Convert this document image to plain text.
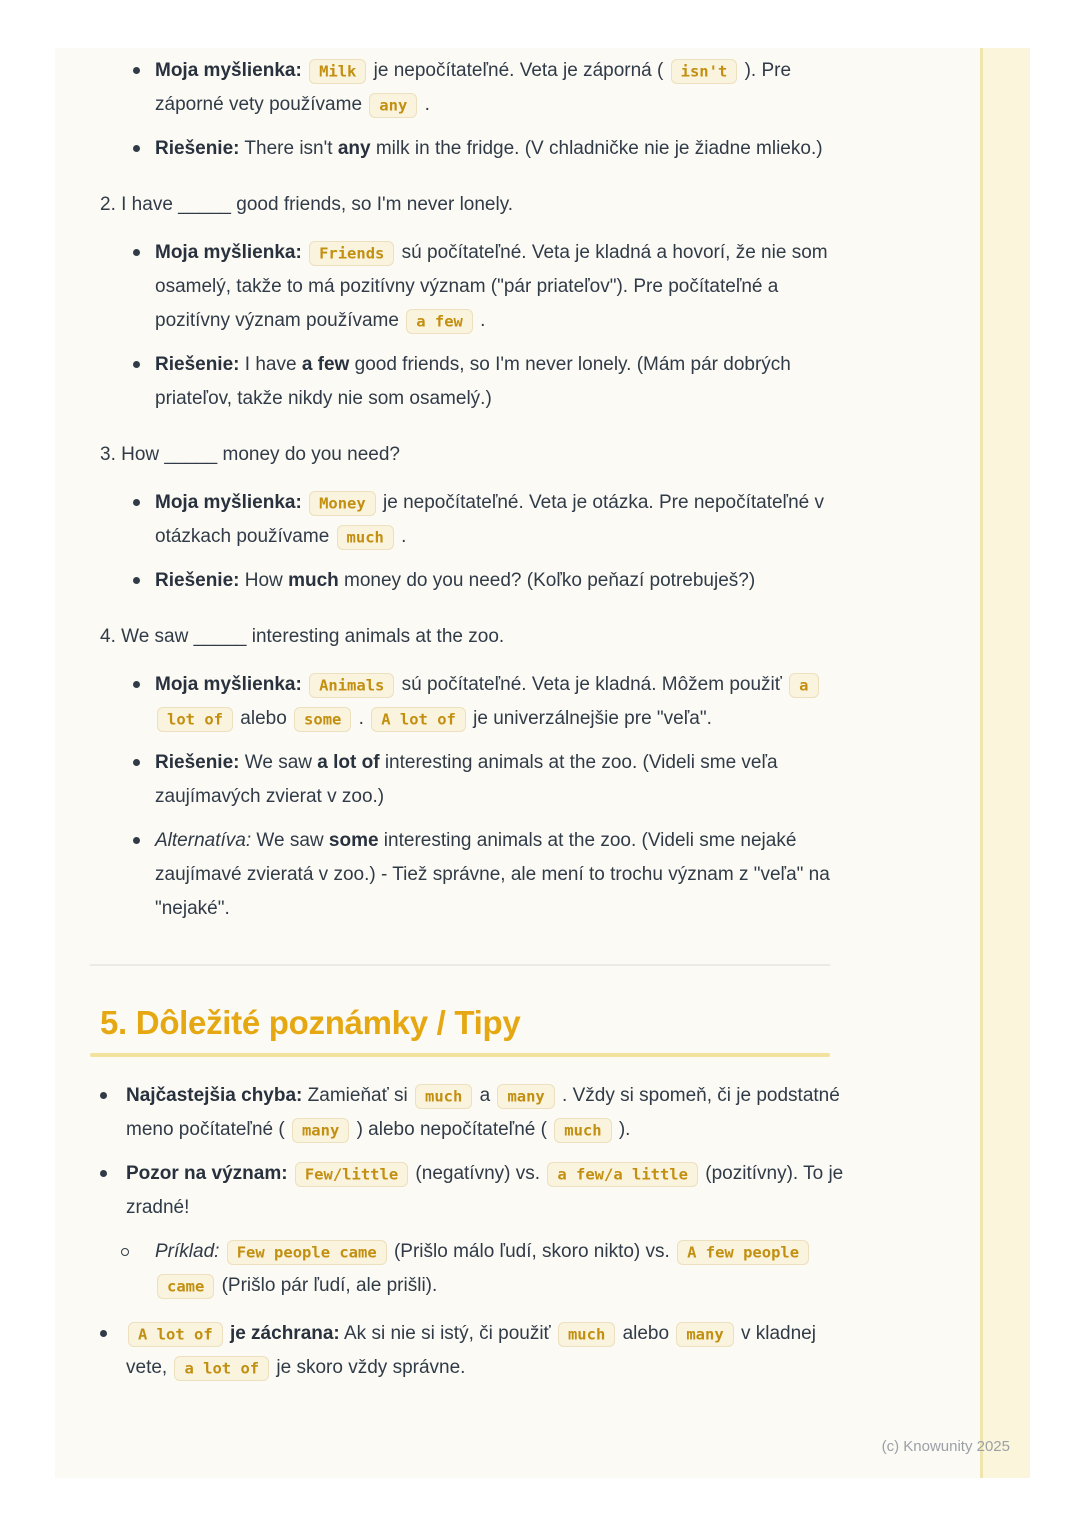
Moja myšlienka: Milk je nepočítateľné. Veta je záporná ( isn't ). Pre záporné vety používame any .
Riešenie: There isn't any milk in the fridge. (V chladničke nie je žiadne mlieko.)
2. I have _____ good friends, so I'm never lonely.
Moja myšlienka: Friends sú počítateľné. Veta je kladná a hovorí, že nie som osamelý, takže to má pozitívny význam ("pár priateľov"). Pre počítateľné a pozitívny význam používame a few .
Riešenie: I have a few good friends, so I'm never lonely. (Mám pár dobrých priateľov, takže nikdy nie som osamelý.)
3. How _____ money do you need?
Moja myšlienka: Money je nepočítateľné. Veta je otázka. Pre nepočítateľné v otázkach používame much .
Riešenie: How much money do you need? (Koľko peňazí potrebuješ?)
4. We saw _____ interesting animals at the zoo.
Moja myšlienka: Animals sú počítateľné. Veta je kladná. Môžem použiť a lot of alebo some . A lot of je univerzálnejšie pre "veľa".
Riešenie: We saw a lot of interesting animals at the zoo. (Videli sme veľa zaujímavých zvierat v zoo.)
Alternatíva: We saw some interesting animals at the zoo. (Videli sme nejaké zaujímavé zvieratá v zoo.) - Tiež správne, ale mení to trochu význam z "veľa" na "nejaké".
5. Dôležité poznámky / Tipy
Najčastejšia chyba: Zamieňať si much a many . Vždy si spomeň, či je podstatné meno počítateľné ( many ) alebo nepočítateľné ( much ).
Pozor na význam: Few/little (negatívny) vs. a few/a little (pozitívny). To je zradné!
Príklad: Few people came (Prišlo málo ľudí, skoro nikto) vs. A few people came (Prišlo pár ľudí, ale prišli).
A lot of je záchrana: Ak si nie si istý, či použiť much alebo many v kladnej vete, a lot of je skoro vždy správne.
(c) Knowunity 2025
